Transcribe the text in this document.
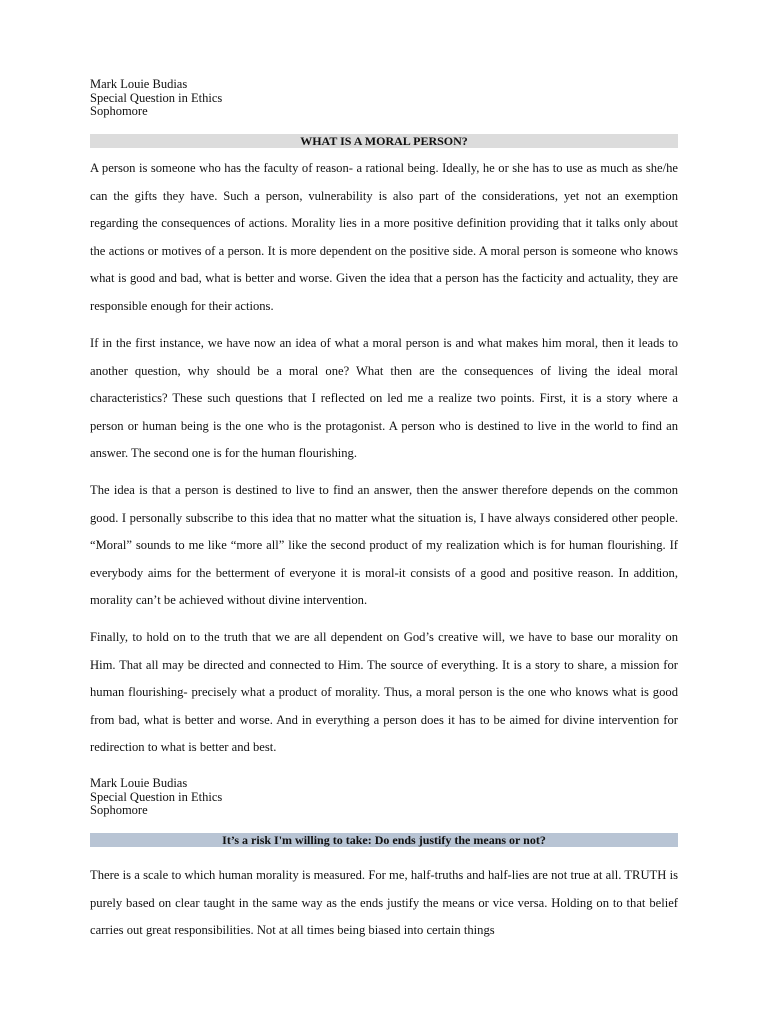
Mark Louie Budias
Special Question in Ethics
Sophomore
WHAT IS A MORAL PERSON?

A person is someone who has the faculty of reason- a rational being. Ideally, he or she has to use as much as she/he can the gifts they have. Such a person, vulnerability is also part of the considerations, yet not an exemption regarding the consequences of actions. Morality lies in a more positive definition providing that it talks only about the actions or motives of a person. It is more dependent on the positive side. A moral person is someone who knows what is good and bad, what is better and worse. Given the idea that a person has the facticity and actuality, they are responsible enough for their actions.

If in the first instance, we have now an idea of what a moral person is and what makes him moral, then it leads to another question, why should be a moral one? What then are the consequences of living the ideal moral characteristics? These such questions that I reflected on led me a realize two points. First, it is a story where a person or human being is the one who is the protagonist. A person who is destined to live in the world to find an answer. The second one is for the human flourishing.

The idea is that a person is destined to live to find an answer, then the answer therefore depends on the common good. I personally subscribe to this idea that no matter what the situation is, I have always considered other people. “Moral” sounds to me like “more all” like the second product of my realization which is for human flourishing. If everybody aims for the betterment of everyone it is moral-it consists of a good and positive reason. In addition, morality can’t be achieved without divine intervention.

Finally, to hold on to the truth that we are all dependent on God’s creative will, we have to base our morality on Him. That all may be directed and connected to Him. The source of everything. It is a story to share, a mission for human flourishing- precisely what a product of morality. Thus, a moral person is the one who knows what is good from bad, what is better and worse. And in everything a person does it has to be aimed for divine intervention for redirection to what is better and best.

Mark Louie Budias
Special Question in Ethics
Sophomore
It’s a risk I'm willing to take: Do ends justify the means or not?

There is a scale to which human morality is measured. For me, half-truths and half-lies are not true at all. TRUTH is purely based on clear taught in the same way as the ends justify the means or vice versa. Holding on to that belief carries out great responsibilities. Not at all times being biased into certain things
